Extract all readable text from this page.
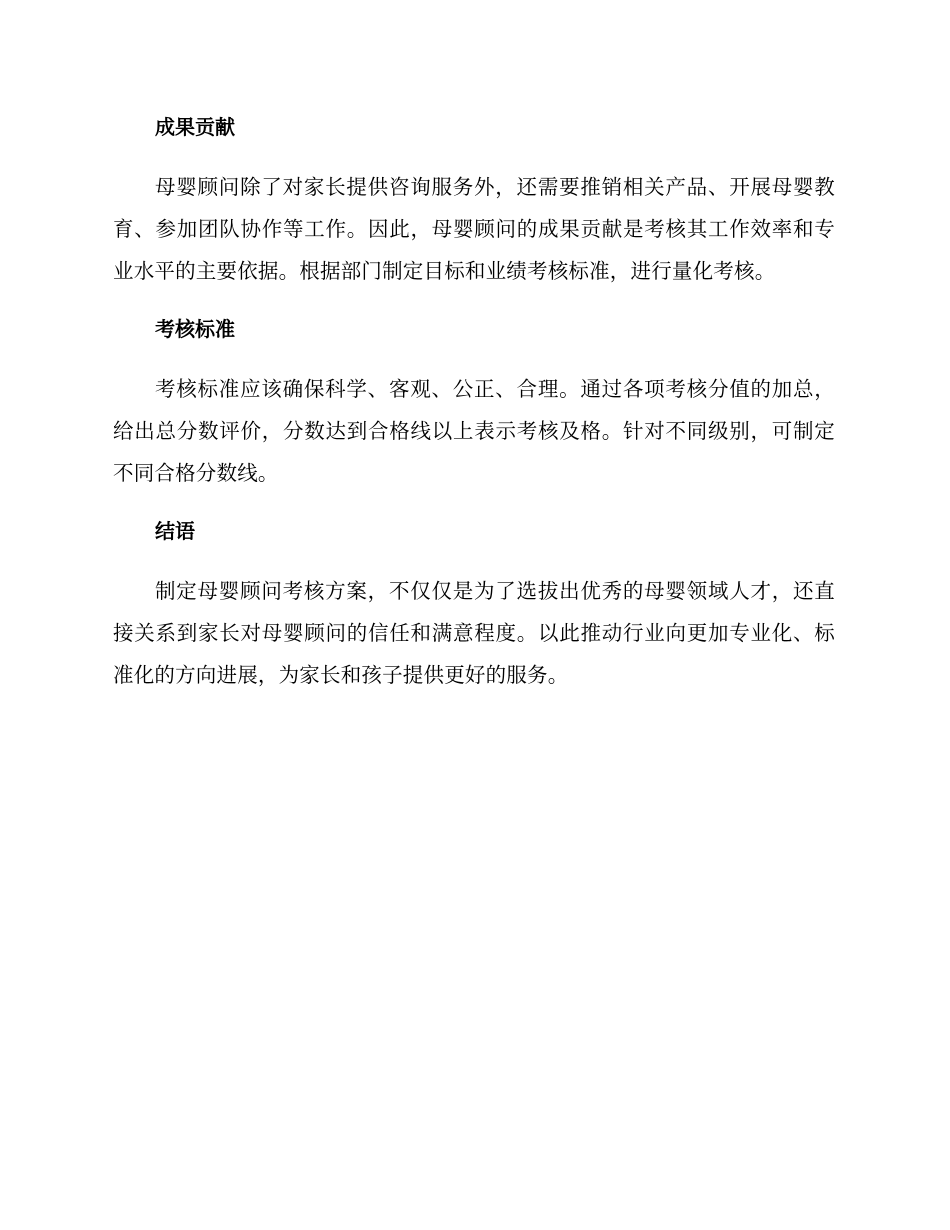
成果贡献

母婴顾问除了对家长提供咨询服务外，还需要推销相关产品、开展母婴教育、参加团队协作等工作。因此，母婴顾问的成果贡献是考核其工作效率和专业水平的主要依据。根据部门制定目标和业绩考核标准，进行量化考核。

考核标准

考核标准应该确保科学、客观、公正、合理。通过各项考核分值的加总，给出总分数评价，分数达到合格线以上表示考核及格。针对不同级别，可制定不同合格分数线。

结语

制定母婴顾问考核方案，不仅仅是为了选拔出优秀的母婴领域人才，还直接关系到家长对母婴顾问的信任和满意程度。以此推动行业向更加专业化、标准化的方向进展，为家长和孩子提供更好的服务。
